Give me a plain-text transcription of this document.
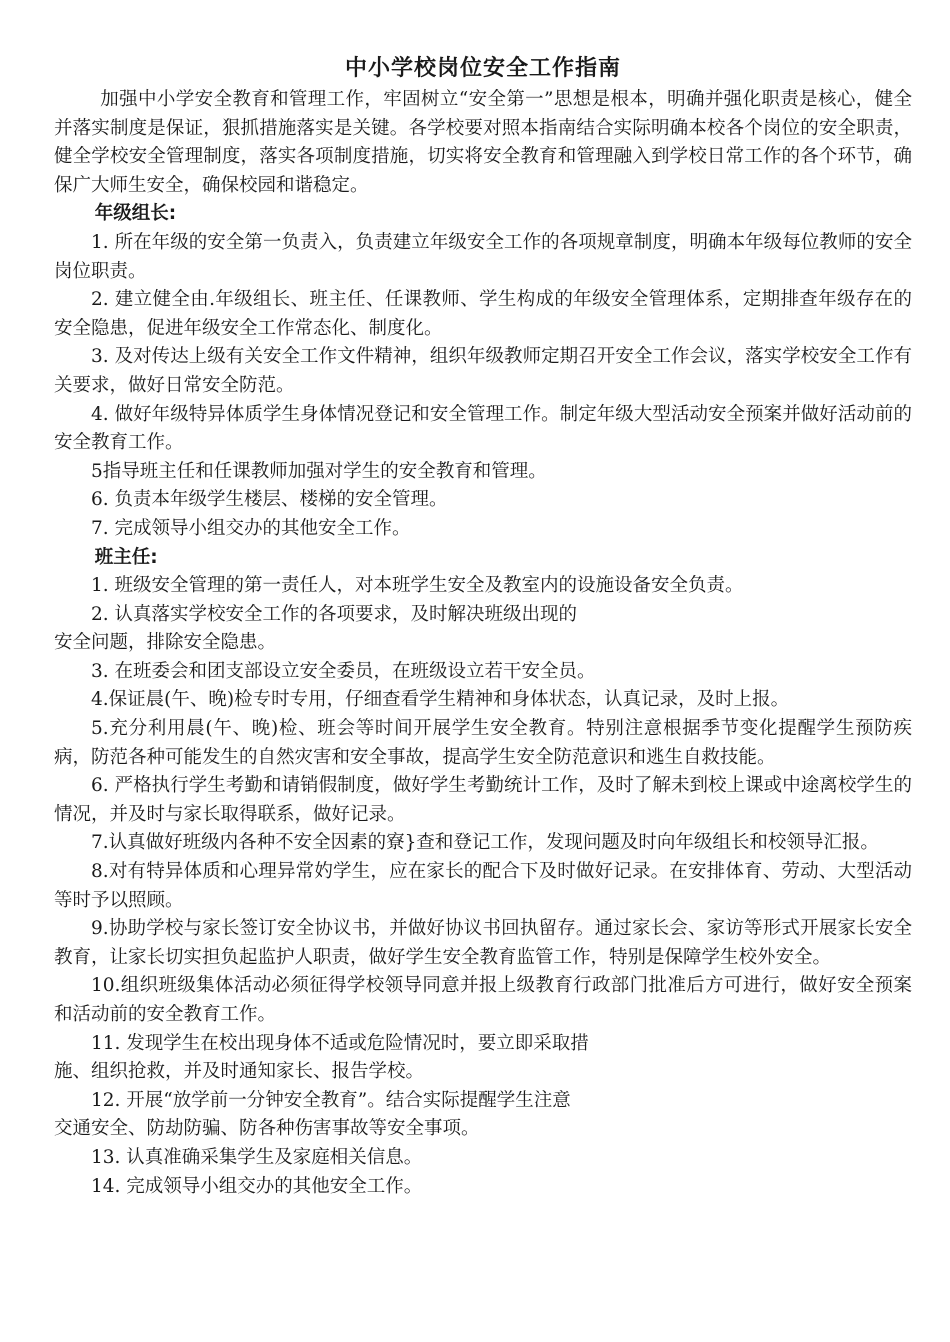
中小学校岗位安全工作指南

加强中小学安全教育和管理工作，牢固树立“安全第一”思想是根本，明确并强化职责是核心，健全并落实制度是保证，狠抓措施落实是关键。各学校要对照本指南结合实际明确本校各个岗位的安全职责，健全学校安全管理制度，落实各项制度措施，切实将安全教育和管理融入到学校日常工作的各个环节，确保广大师生安全，确保校园和谐稳定。

年级组长:

1. 所在年级的安全第一负责入，负责建立年级安全工作的各项规章制度，明确本年级每位教师的安全岗位职责。

2. 建立健全由.年级组长、班主任、任课教师、学生构成的年级安全管理体系，定期排查年级存在的安全隐患，促进年级安全工作常态化、制度化。

3. 及对传达上级有关安全工作文件精神，组织年级教师定期召开安全工作会议，落实学校安全工作有关要求，做好日常安全防范。

4. 做好年级特异体质学生身体情况登记和安全管理工作。制定年级大型活动安全预案并做好活动前的安全教育工作。

5指导班主任和任课教师加强对学生的安全教育和管理。

6. 负责本年级学生楼层、楼梯的安全管理。

7. 完成领导小组交办的其他安全工作。

班主任:

1. 班级安全管理的第一责任人，对本班学生安全及教室内的设施设备安全负责。

2. 认真落实学校安全工作的各项要求，及时解决班级出现的
安全问题，排除安全隐患。

3. 在班委会和团支部设立安全委员，在班级设立若干安全员。

4.保证晨(午、晚)检专时专用，仔细查看学生精神和身体状态，认真记录，及时上报。

5.充分利用晨(午、晚)检、班会等时间开展学生安全教育。特别注意根据季节变化提醒学生预防疾病，防范各种可能发生的自然灾害和安全事故，提高学生安全防范意识和逃生自救技能。

6. 严格执行学生考勤和请销假制度，做好学生考勤统计工作，及时了解未到校上课或中途离校学生的情况，并及时与家长取得联系，做好记录。

7.认真做好班级内各种不安全因素的寮}查和登记工作，发现问题及时向年级组长和校领导汇报。

8.对有特异体质和心理异常妁学生，应在家长的配合下及时做好记录。在安排体育、劳动、大型活动等时予以照顾。

9.协助学校与家长签订安全协议书，并做好协议书回执留存。通过家长会、家访等形式开展家长安全教育，让家长切实担负起监护人职责，做好学生安全教育监管工作，特别是保障学生校外安全。

10.组织班级集体活动必须征得学校领导同意并报上级教育行政部门批准后方可进行，做好安全预案和活动前的安全教育工作。

11. 发现学生在校出现身体不适或危险情况时，要立即采取措
施、组织抢救，并及时通知家长、报告学校。
12. 开展“放学前一分钟安全教育”。结合实际提醒学生注意
交通安全、防劫防骗、防各种伤害事故等安全事项。

13. 认真准确采集学生及家庭相关信息。

14. 完成领导小组交办的其他安全工作。
